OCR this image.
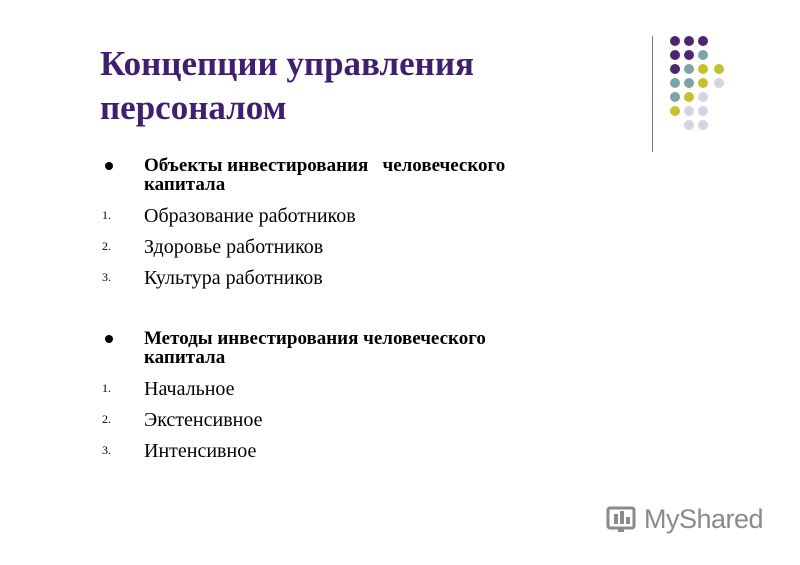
Концепции управления
персоналом

Объекты инвестирования   человеческого
капитала

1. Образование работников
2. Здоровье работников
3. Культура работников

Методы инвестирования человеческого
капитала

1. Начальное
2. Экстенсивное
3. Интенсивное
MyShared
